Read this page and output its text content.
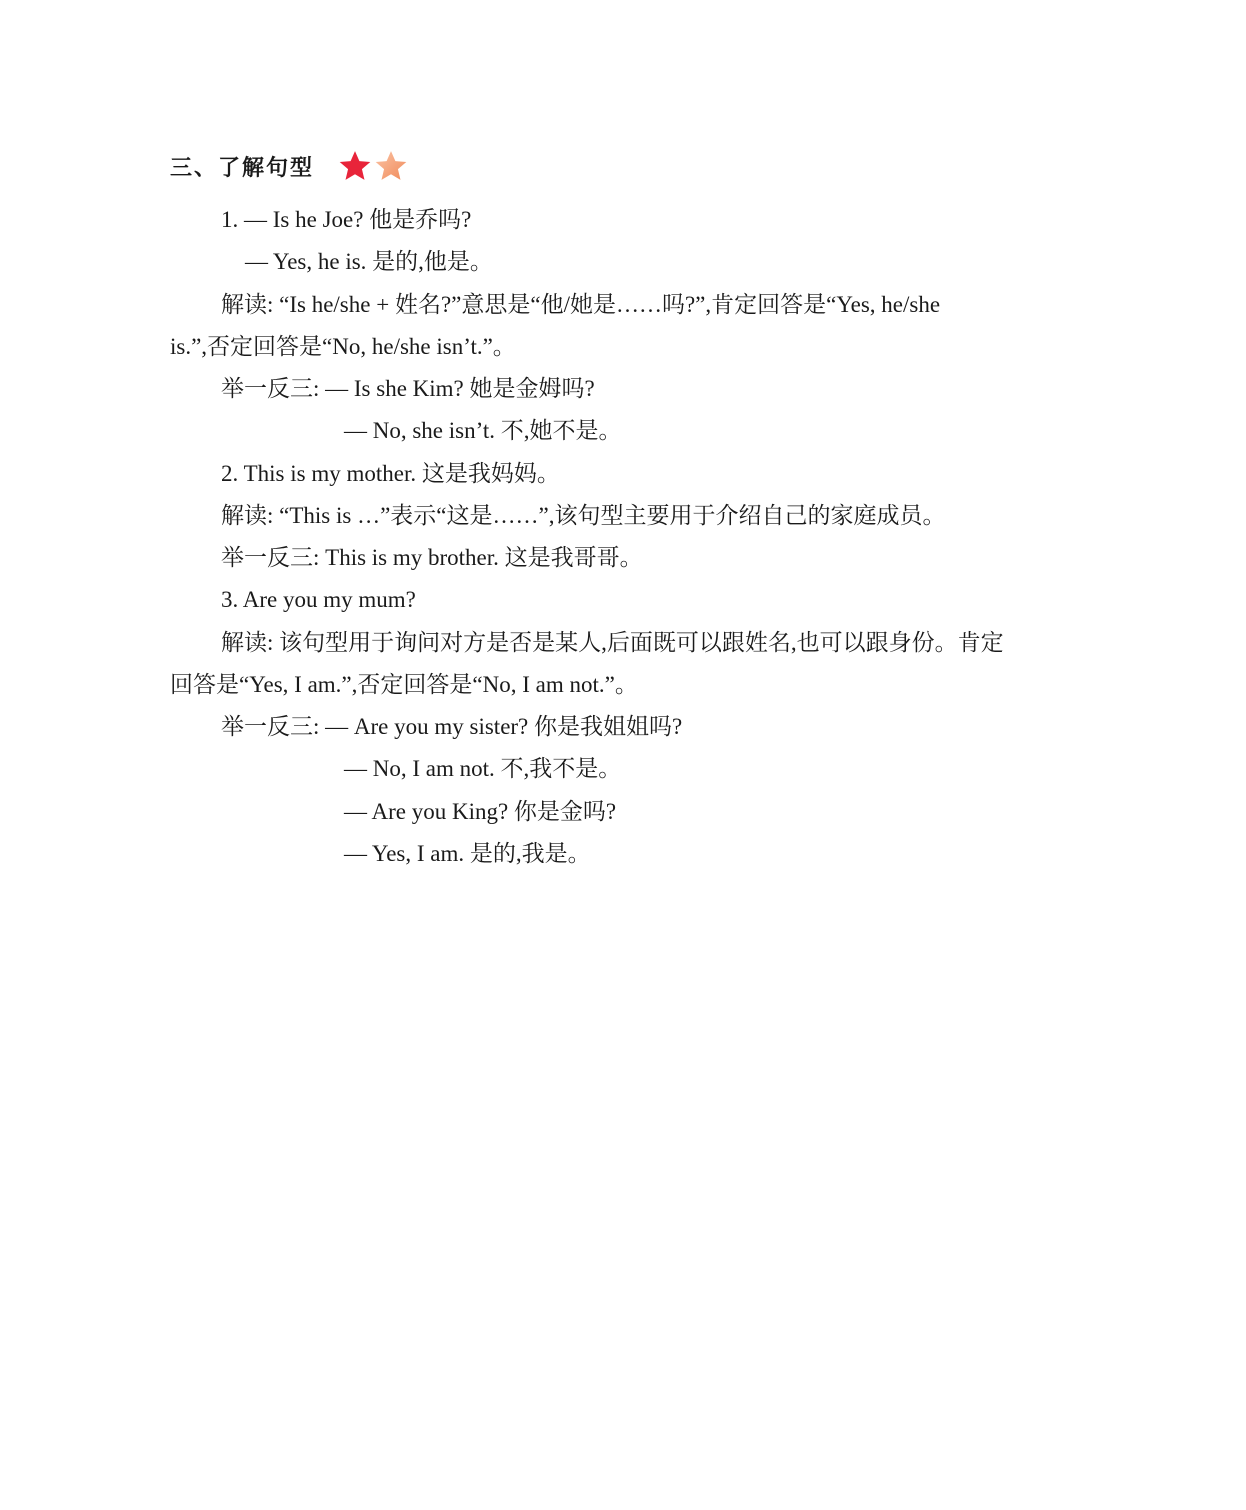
三、了解句型
1. — Is he Joe? 他是乔吗?
— Yes, he is. 是的,他是。
解读: “Is he/she + 姓名?”意思是“他/她是……吗?”,肯定回答是“Yes, he/she
is.”,否定回答是“No, he/she isn’t.”。
举一反三: — Is she Kim? 她是金姆吗?
— No, she isn’t. 不,她不是。
2. This is my mother. 这是我妈妈。
解读: “This is …”表示“这是……”,该句型主要用于介绍自己的家庭成员。
举一反三: This is my brother. 这是我哥哥。
3. Are you my mum?
解读: 该句型用于询问对方是否是某人,后面既可以跟姓名,也可以跟身份。肯定
回答是“Yes, I am.”,否定回答是“No, I am not.”。
举一反三: — Are you my sister? 你是我姐姐吗?
— No, I am not. 不,我不是。
— Are you King? 你是金吗?
— Yes, I am. 是的,我是。
